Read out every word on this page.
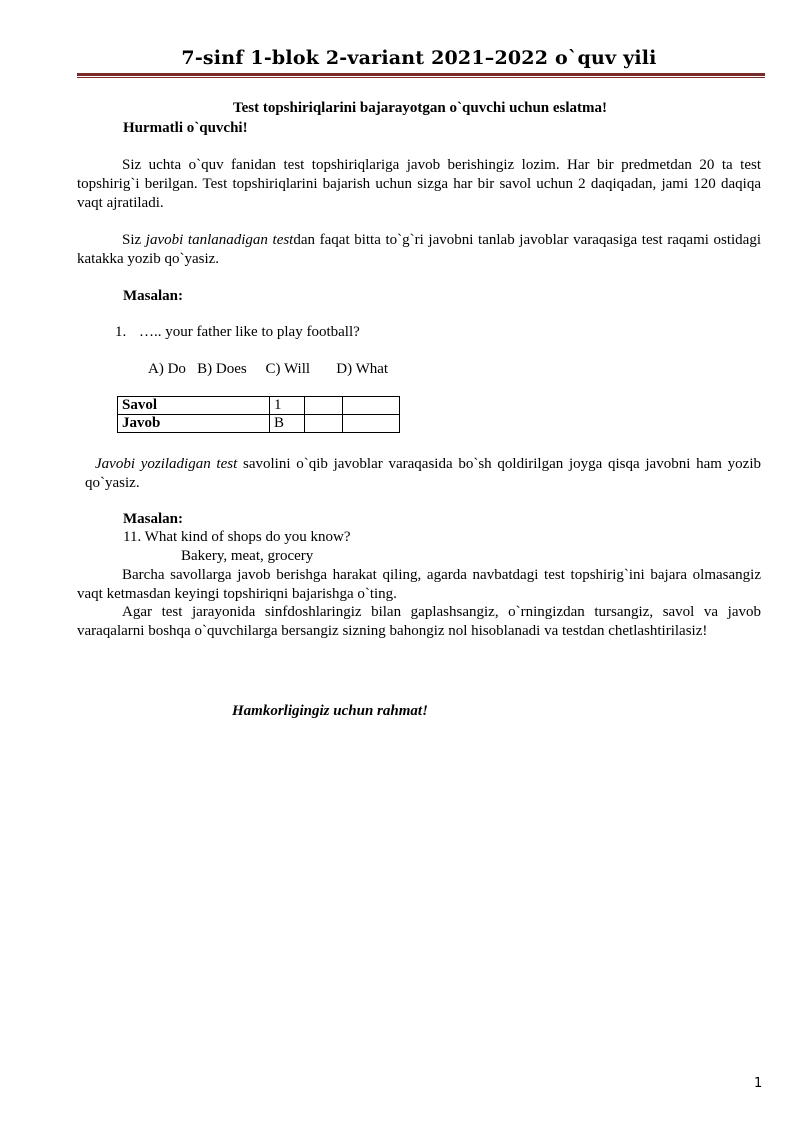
7-sinf 1-blok 2-variant 2021–2022 o`quv yili
Test topshiriqlarini bajarayotgan o`quvchi uchun eslatma!
Hurmatli o`quvchi!
Siz uchta o`quv fanidan test topshiriqlariga javob berishingiz lozim. Har bir predmetdan 20 ta test topshirig`i berilgan. Test topshiriqlarini bajarish uchun sizga har bir savol uchun 2 daqiqadan, jami 120 daqiqa vaqt ajratiladi.
Siz javobi tanlanadigan testdan faqat bitta to`g`ri javobni tanlab javoblar varaqasiga test raqami ostidagi katakka yozib qo`yasiz.
Masalan:
1. ….. your father like to play football?
A) Do   B) Does     C) Will       D) What
Savol	1		
Javob	B		
Javobi yoziladigan test savolini o`qib javoblar varaqasida bo`sh qoldirilgan joyga qisqa javobni ham yozib qo`yasiz.
Masalan:
11. What kind of shops do you know?
Bakery, meat, grocery
Barcha savollarga javob berishga harakat qiling, agarda navbatdagi test topshirig`ini bajara olmasangiz vaqt ketmasdan keyingi topshiriqni bajarishga o`ting.
Agar test jarayonida sinfdoshlaringiz bilan gaplashsangiz, o`rningizdan tursangiz, savol va javob varaqalarni boshqa o`quvchilarga bersangiz sizning bahongiz nol hisoblanadi va testdan chetlashtirilasiz!
Hamkorligingiz uchun rahmat!
1
